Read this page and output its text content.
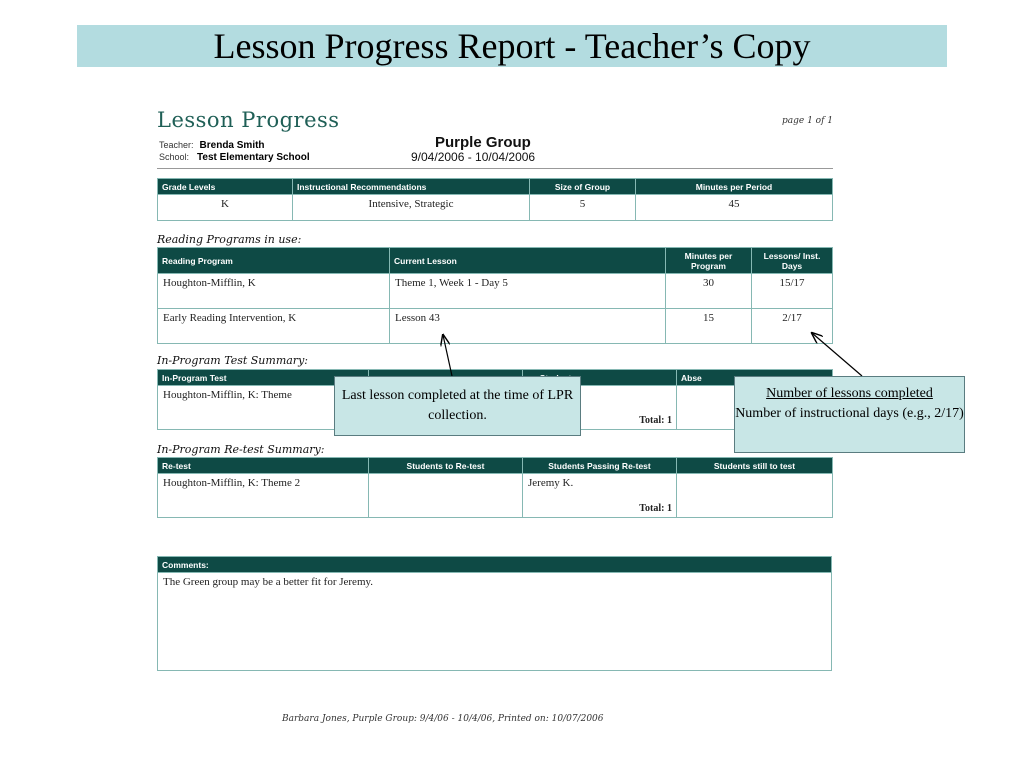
Lesson Progress Report - Teacher’s Copy
Lesson Progress	page 1 of 1
Teacher: Brenda Smith
School: Test Elementary School
Purple Group
9/04/2006 - 10/04/2006
Grade Levels	Instructional Recommendations	Size of Group	Minutes per Period
K	Intensive, Strategic	5	45
Reading Programs in use:
Reading Program	Current Lesson	Minutes per Program	Lessons/ Inst. Days
Houghton-Mifflin, K	Theme 1, Week 1 - Day 5	30	15/17
Early Reading Intervention, K	Lesson 43	15	2/17
In-Program Test Summary:
In-Program Test			Abse
Houghton-Mifflin, K: Theme		Total: 1	

In-Program Re-test Summary:
Re-test	Students to Re-test	Students Passing Re-test	Students still to test
Houghton-Mifflin, K: Theme 2		Jeremy K.
Total: 1	

Comments:
The Green group may be a better fit for Jeremy.
Barbara Jones, Purple Group: 9/4/06 - 10/4/06, Printed on: 10/07/2006
Last lesson completed at the time of LPR collection.
Number of lessons completed
Number of instructional days (e.g., 2/17)
